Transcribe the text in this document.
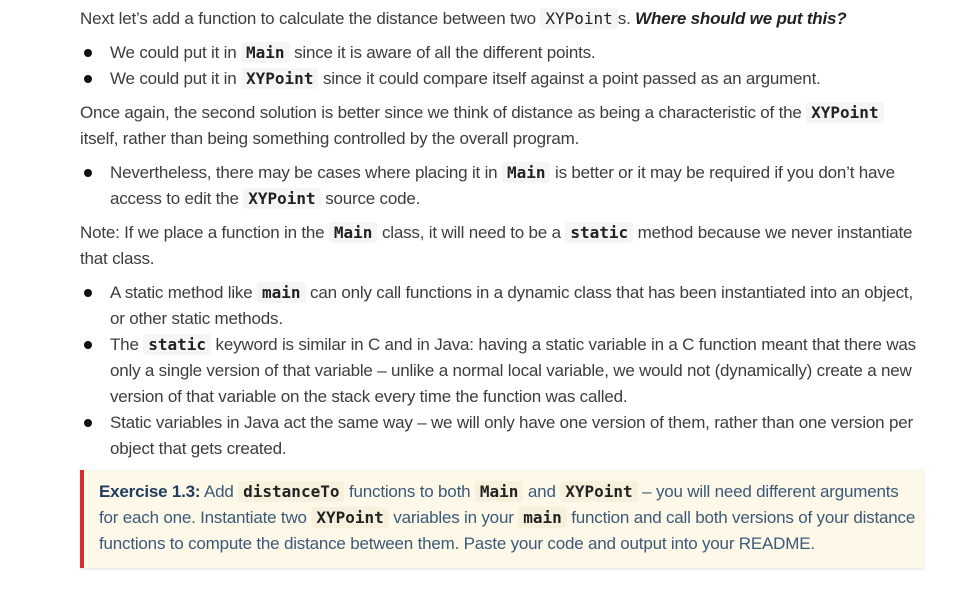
Next let’s add a function to calculate the distance between two XYPoint s. Where should we put this?

We could put it in Main since it is aware of all the different points.
We could put it in XYPoint since it could compare itself against a point passed as an argument.

Once again, the second solution is better since we think of distance as being a characteristic of the XYPoint itself, rather than being something controlled by the overall program.

Nevertheless, there may be cases where placing it in Main is better or it may be required if you don’t have access to edit the XYPoint source code.

Note: If we place a function in the Main class, it will need to be a static method because we never instantiate that class.

A static method like main can only call functions in a dynamic class that has been instantiated into an object, or other static methods.
The static keyword is similar in C and in Java: having a static variable in a C function meant that there was only a single version of that variable – unlike a normal local variable, we would not (dynamically) create a new version of that variable on the stack every time the function was called.
Static variables in Java act the same way – we will only have one version of them, rather than one version per object that gets created.
Exercise 1.3: Add distanceTo functions to both Main and XYPoint – you will need different arguments for each one. Instantiate two XYPoint variables in your main function and call both versions of your distance functions to compute the distance between them. Paste your code and output into your README.
